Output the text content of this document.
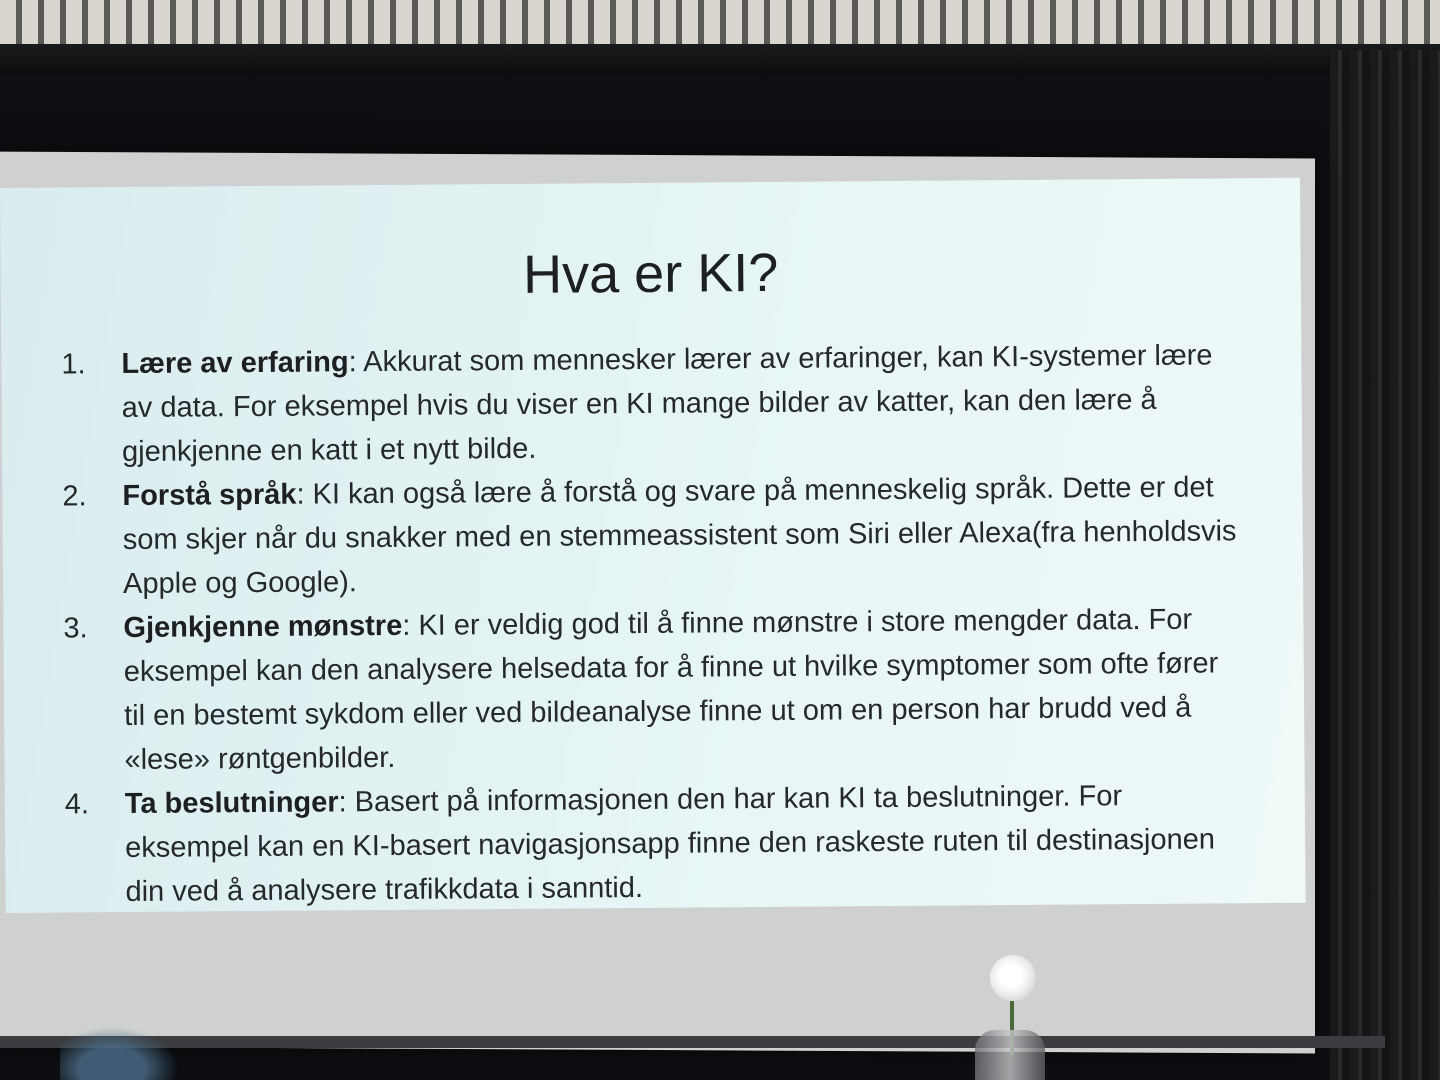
Hva er KI?
1.	Lære av erfaring: Akkurat som mennesker lærer av erfaringer, kan KI-systemer lære av data. For eksempel hvis du viser en KI mange bilder av katter, kan den lære å gjenkjenne en katt i et nytt bilde.
2.	Forstå språk: KI kan også lære å forstå og svare på menneskelig språk. Dette er det som skjer når du snakker med en stemmeassistent som Siri eller Alexa(fra henholdsvis Apple og Google).
3.	Gjenkjenne mønstre: KI er veldig god til å finne mønstre i store mengder data. For eksempel kan den analysere helsedata for å finne ut hvilke symptomer som ofte fører til en bestemt sykdom eller ved bildeanalyse finne ut om en person har brudd ved å «lese» røntgenbilder.
4.	Ta beslutninger: Basert på informasjonen den har kan KI ta beslutninger. For eksempel kan en KI-basert navigasjonsapp finne den raskeste ruten til destinasjonen din ved å analysere trafikkdata i sanntid.
